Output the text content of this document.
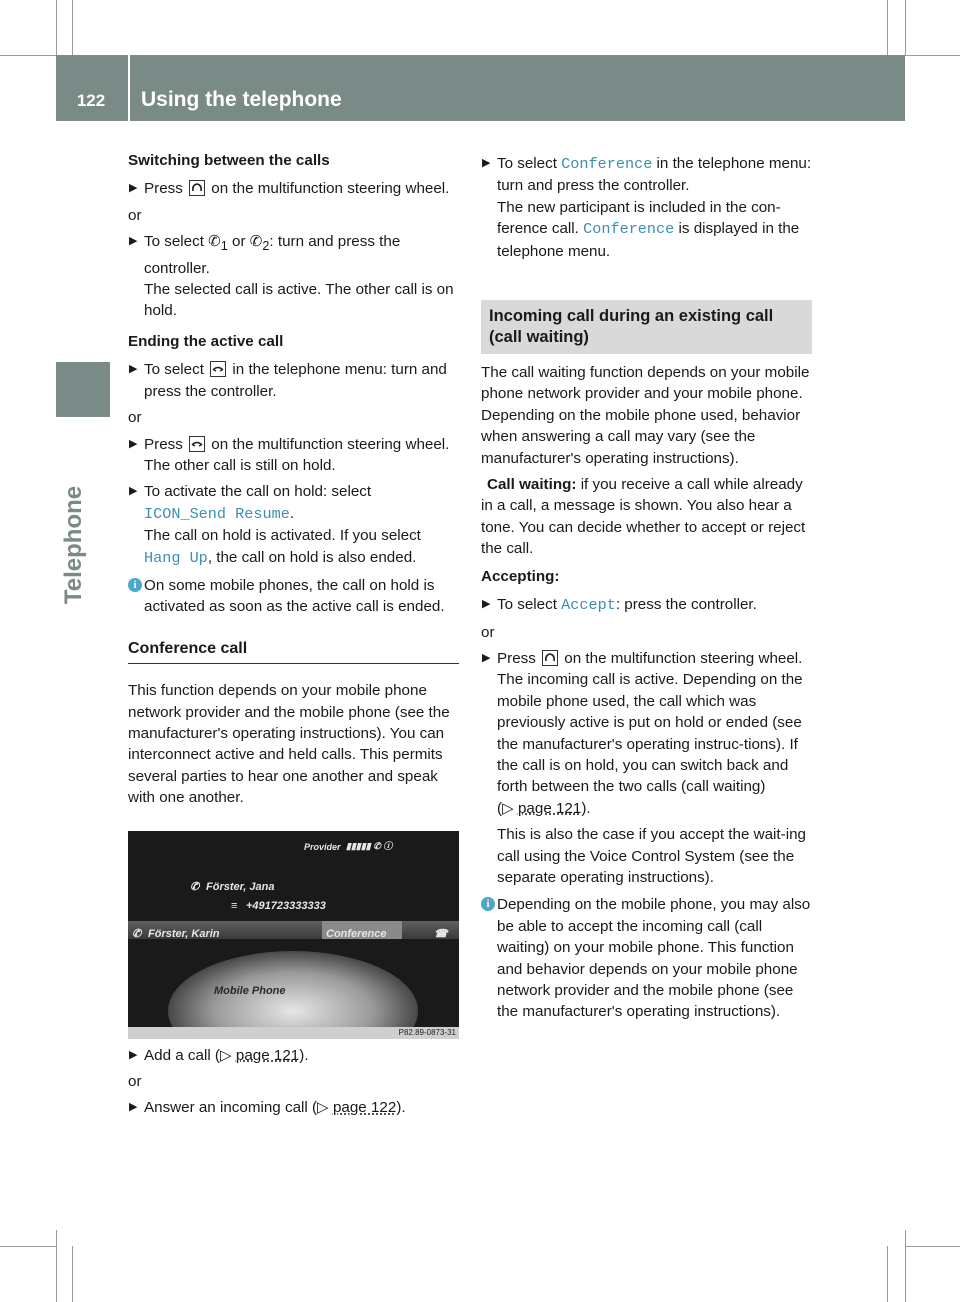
122	Using the telephone
Telephone

Switching between the calls

▶ Press on the multifunction steering wheel.

or

▶ To select $✆_1$ or $✆_2$: turn and press the controller.

The selected call is active. The other call is on hold.

Ending the active call

▶ To select in the telephone menu: turn and press the controller.

or

▶ Press on the multifunction steering wheel.

The other call is still on hold.

▶ To activate the call on hold: select
ICON_Send Resume.

The call on hold is activated. If you select
Hang Up, the call on hold is also ended.

i On some mobile phones, the call on hold is activated as soon as the active call is ended.
Conference call

This function depends on your mobile phone network provider and the mobile phone (see the manufacturer's operating instructions). You can interconnect active and held calls. This permits several parties to hear one another and speak with one another.

Provider ▮▮▮▮▮ ✆ ⓘ
✆ Förster, Jana
≡ +491723333333
✆ Förster, Karin	Conference	☎
Mobile Phone
P82.89-0873-31
▶ Add a call (▷ page 121).

or

▶ Answer an incoming call (▷ page 122).
▶ To select Conference in the telephone menu: turn and press the controller.

The new participant is included in the con-ference call. Conference is displayed in the telephone menu.

Incoming call during an existing call (call waiting)

The call waiting function depends on your mobile phone network provider and your mobile phone. Depending on the mobile phone used, behavior when answering a call may vary (see the manufacturer's operating instructions).

Call waiting: if you receive a call while already in a call, a message is shown. You also hear a tone. You can decide whether to accept or reject the call.

Accepting:

▶ To select Accept: press the controller.

or

▶ Press on the multifunction steering wheel.

The incoming call is active. Depending on the mobile phone used, the call which was previously active is put on hold or ended (see the manufacturer's operating instruc-tions). If the call is on hold, you can switch back and forth between the two calls (call waiting) (▷ page 121).

This is also the case if you accept the wait-ing call using the Voice Control System (see the separate operating instructions).

i Depending on the mobile phone, you may also be able to accept the incoming call (call waiting) on your mobile phone. This function and behavior depends on your mobile phone network provider and the mobile phone (see the manufacturer's operating instructions).
